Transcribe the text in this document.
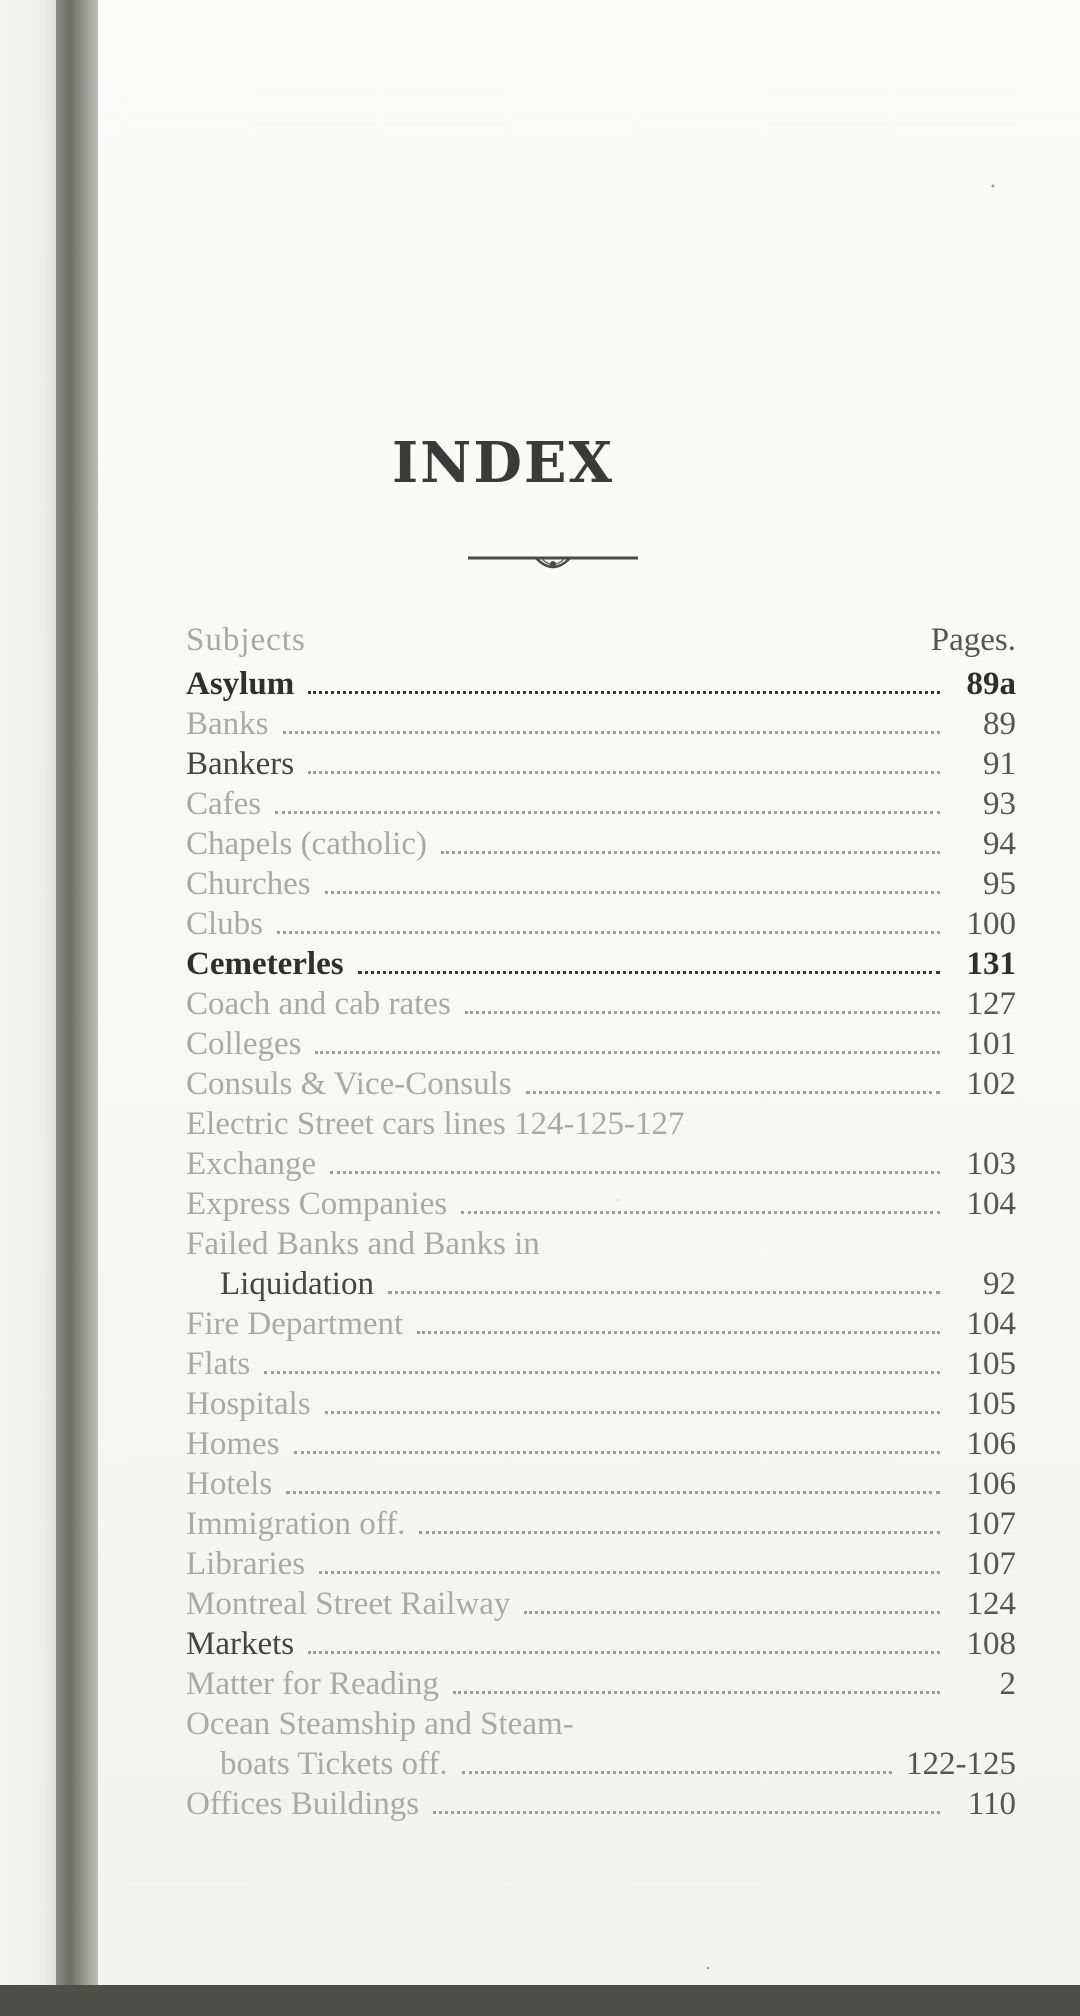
INDEX
Subjects	Pages.
Asylum	89a
Banks	89
Bankers	91
Cafes	93
Chapels (catholic)	94
Churches	95
Clubs	100
Cemeterles	131
Coach and cab rates	127
Colleges	101
Consuls & Vice-Consuls	102
Electric Street cars lines 124-125-127
Exchange	103
Express Companies	104
Failed Banks and Banks in
Liquidation	92
Fire Department	104
Flats	105
Hospitals	105
Homes	106
Hotels	106
Immigration off.	107
Libraries	107
Montreal Street Railway	124
Markets	108
Matter for Reading	2
Ocean Steamship and Steam-
boats Tickets off.	122-125
Offices Buildings	110
